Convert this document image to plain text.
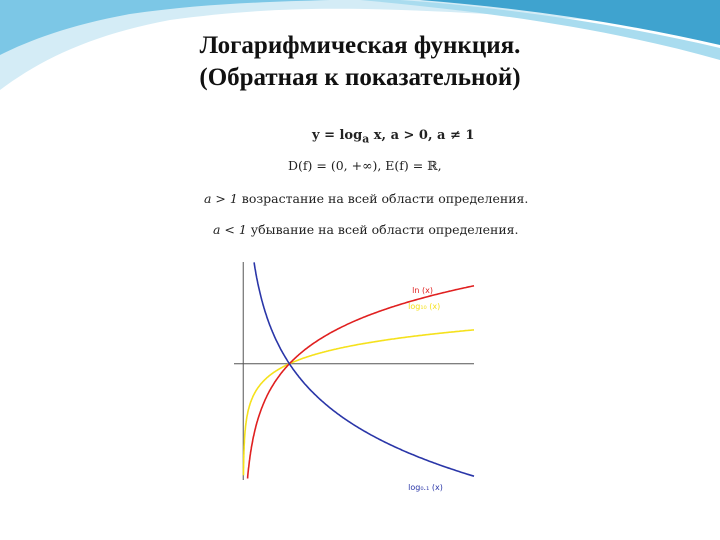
Логарифмическая функция.
(Обратная к показательной)
$y = \log_a x$, a > 0, a ≠ 1
D(f) = (0, +∞), E(f) = ℝ,
a > 1 возрастание на всей области определения.
a < 1 убывание на всей области определения.
log₁₀ (x)
ln (x)
log₀.₁ (x)
